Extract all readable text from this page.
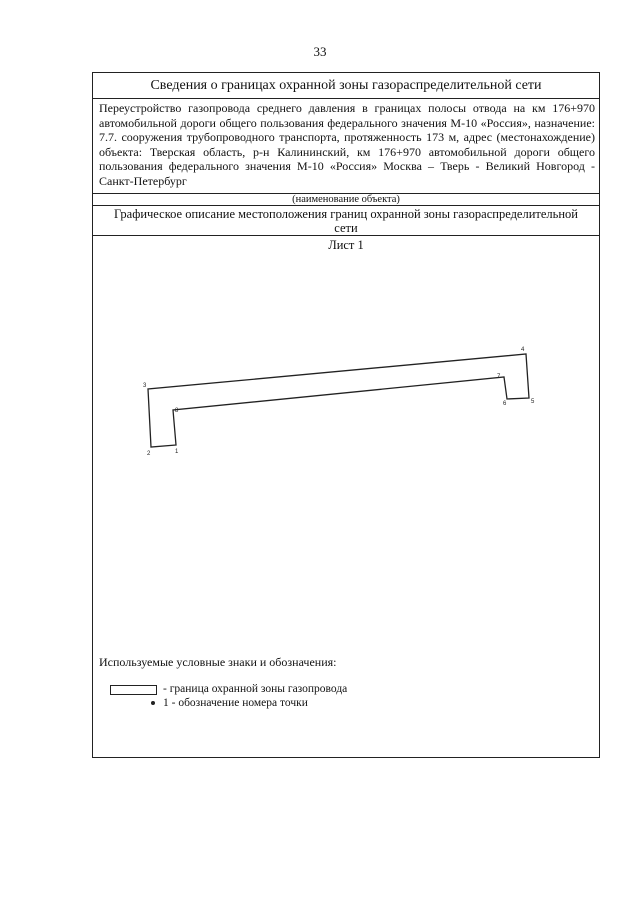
33
Сведения о границах охранной зоны газораспределительной сети
Переустройство газопровода среднего давления в границах полосы отвода на км 176+970 автомобильной дороги общего пользования федерального значения М-10 «Россия», назначение: 7.7. сооружения трубопроводного транспорта, протяженность 173 м, адрес (местонахождение) объекта: Тверская область, р-н Калининский, км 176+970 автомобильной дороги общего пользования федерального значения М-10 «Россия» Москва – Тверь - Великий Новгород - Санкт-Петербург
(наименование объекта)
Графическое описание местоположения границ охранной зоны газораспределительной сети
Лист 1
1
2
3
4
5
6
7
8
Используемые условные знаки и обозначения:
- граница охранной зоны газопровода
1 - обозначение номера точки
